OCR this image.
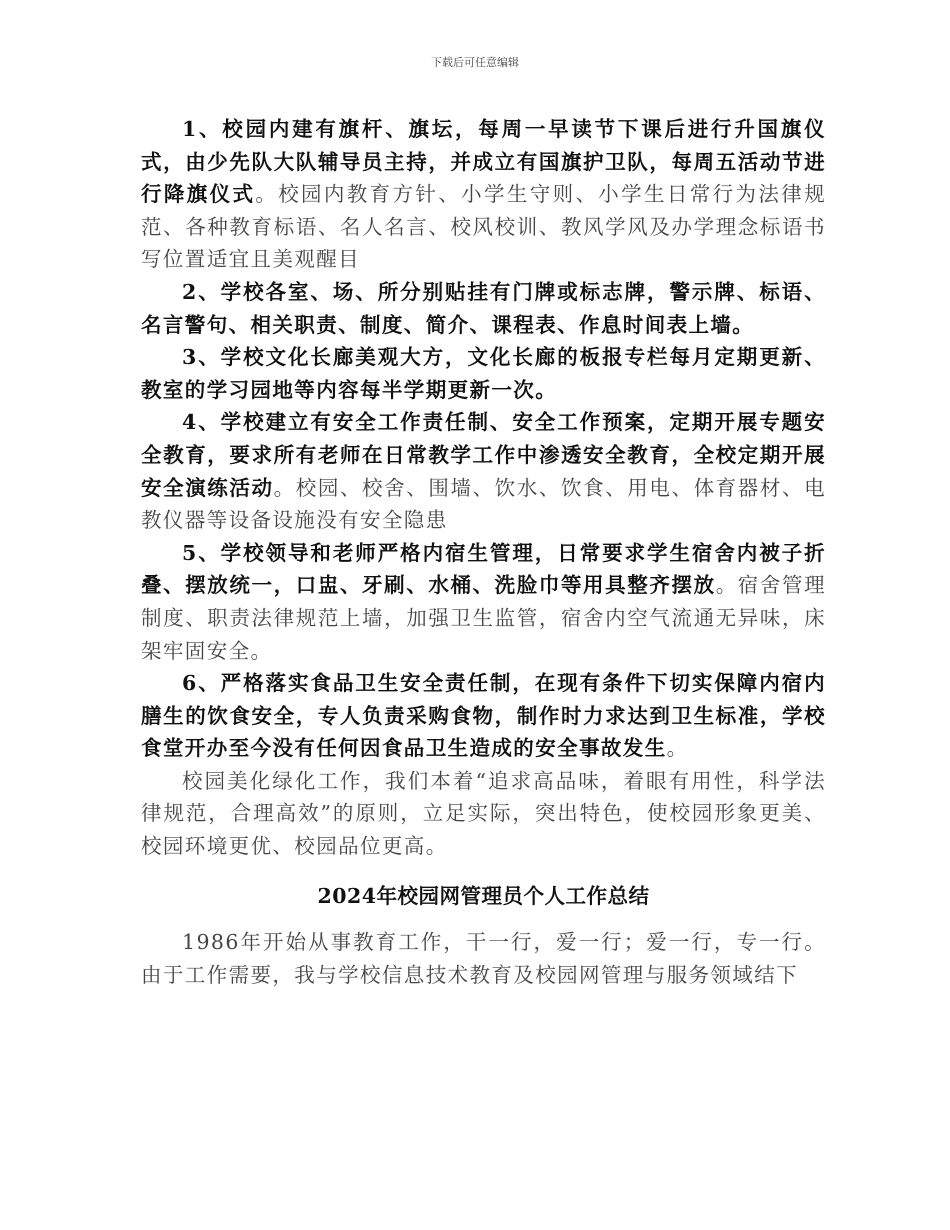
下载后可任意编辑

1、校园内建有旗杆、旗坛，每周一早读节下课后进行升国旗仪式，由少先队大队辅导员主持，并成立有国旗护卫队，每周五活动节进行降旗仪式。校园内教育方针、小学生守则、小学生日常行为法律规范、各种教育标语、名人名言、校风校训、教风学风及办学理念标语书写位置适宜且美观醒目

2、学校各室、场、所分别贴挂有门牌或标志牌，警示牌、标语、名言警句、相关职责、制度、简介、课程表、作息时间表上墙。

3、学校文化长廊美观大方，文化长廊的板报专栏每月定期更新、教室的学习园地等内容每半学期更新一次。

4、学校建立有安全工作责任制、安全工作预案，定期开展专题安全教育，要求所有老师在日常教学工作中渗透安全教育，全校定期开展安全演练活动。校园、校舍、围墙、饮水、饮食、用电、体育器材、电教仪器等设备设施没有安全隐患

5、学校领导和老师严格内宿生管理，日常要求学生宿舍内被子折叠、摆放统一，口盅、牙刷、水桶、洗脸巾等用具整齐摆放。宿舍管理制度、职责法律规范上墙，加强卫生监管，宿舍内空气流通无异味，床架牢固安全。

6、严格落实食品卫生安全责任制，在现有条件下切实保障内宿内膳生的饮食安全，专人负责采购食物，制作时力求达到卫生标准，学校食堂开办至今没有任何因食品卫生造成的安全事故发生。

校园美化绿化工作，我们本着“追求高品味，着眼有用性，科学法律规范，合理高效”的原则，立足实际，突出特色，使校园形象更美、校园环境更优、校园品位更高。

2024年校园网管理员个人工作总结

1986年开始从事教育工作，干一行，爱一行；爱一行，专一行。由于工作需要，我与学校信息技术教育及校园网管理与服务领域结下
